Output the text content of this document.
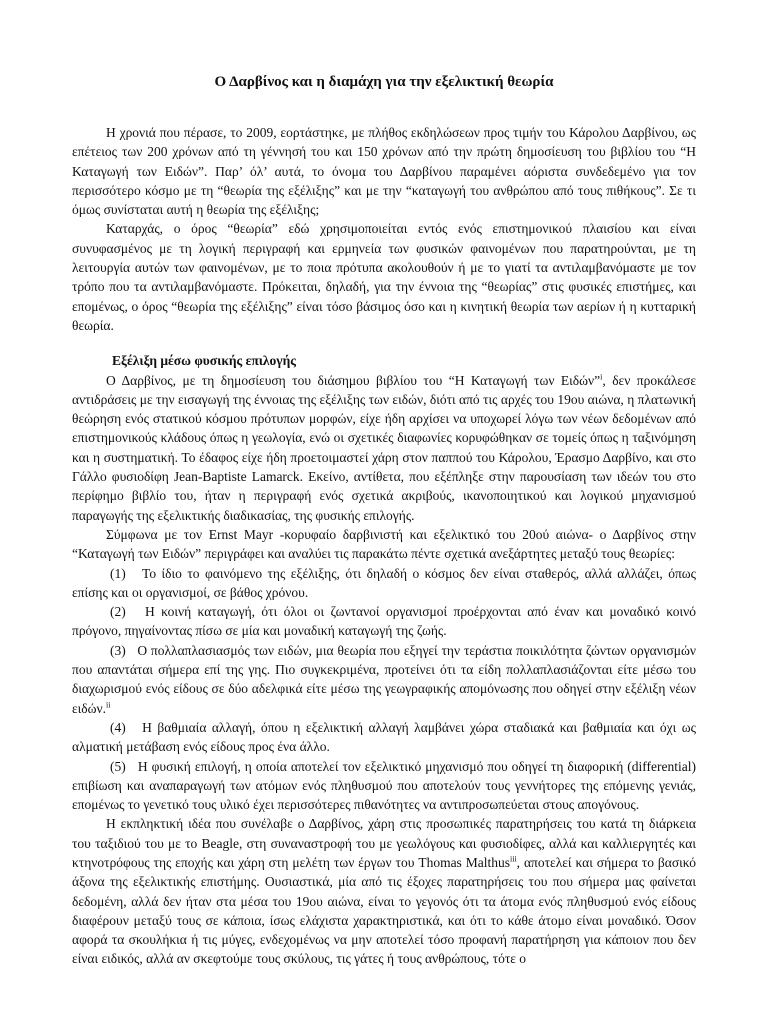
Ο Δαρβίνος και η διαμάχη για την εξελικτική θεωρία

Η χρονιά που πέρασε, το 2009, εορτάστηκε, με πλήθος εκδηλώσεων προς τιμήν του Κάρολου Δαρβίνου, ως επέτειος των 200 χρόνων από τη γέννησή του και 150 χρόνων από την πρώτη δημοσίευση του βιβλίου του “Η Καταγωγή των Ειδών”. Παρ’ όλ’ αυτά, το όνομα του Δαρβίνου παραμένει αόριστα συνδεδεμένο για τον περισσότερο κόσμο με τη “θεωρία της εξέλιξης” και με την “καταγωγή του ανθρώπου από τους πιθήκους”. Σε τι όμως συνίσταται αυτή η θεωρία της εξέλιξης;

Καταρχάς, ο όρος “θεωρία” εδώ χρησιμοποιείται εντός ενός επιστημονικού πλαισίου και είναι συνυφασμένος με τη λογική περιγραφή και ερμηνεία των φυσικών φαινομένων που παρατηρούνται, με τη λειτουργία αυτών των φαινομένων, με το ποια πρότυπα ακολουθούν ή με το γιατί τα αντιλαμβανόμαστε με τον τρόπο που τα αντιλαμβανόμαστε. Πρόκειται, δηλαδή, για την έννοια της “θεωρίας” στις φυσικές επιστήμες, και επομένως, ο όρος “θεωρία της εξέλιξης” είναι τόσο βάσιμος όσο και η κινητική θεωρία των αερίων ή η κυτταρική θεωρία.

Εξέλιξη μέσω φυσικής επιλογής

Ο Δαρβίνος, με τη δημοσίευση του διάσημου βιβλίου του “Η Καταγωγή των Ειδών”$^i$, δεν προκάλεσε αντιδράσεις με την εισαγωγή της έννοιας της εξέλιξης των ειδών, διότι από τις αρχές του 19ου αιώνα, η πλατωνική θεώρηση ενός στατικού κόσμου πρότυπων μορφών, είχε ήδη αρχίσει να υποχωρεί λόγω των νέων δεδομένων από επιστημονικούς κλάδους όπως η γεωλογία, ενώ οι σχετικές διαφωνίες κορυφώθηκαν σε τομείς όπως η ταξινόμηση και η συστηματική. Το έδαφος είχε ήδη προετοιμαστεί χάρη στον παππού του Κάρολου, Έρασμο Δαρβίνο, και στο Γάλλο φυσιοδίφη Jean-Baptiste Lamarck. Εκείνο, αντίθετα, που εξέπληξε στην παρουσίαση των ιδεών του στο περίφημο βιβλίο του, ήταν η περιγραφή ενός σχετικά ακριβούς, ικανοποιητικού και λογικού μηχανισμού παραγωγής της εξελικτικής διαδικασίας, της φυσικής επιλογής.

Σύμφωνα με τον Ernst Mayr -κορυφαίο δαρβινιστή και εξελικτικό του 20ού αιώνα- ο Δαρβίνος στην “Καταγωγή των Ειδών” περιγράφει και αναλύει τις παρακάτω πέντε σχετικά ανεξάρτητες μεταξύ τους θεωρίες:

(1) Το ίδιο το φαινόμενο της εξέλιξης, ότι δηλαδή ο κόσμος δεν είναι σταθερός, αλλά αλλάζει, όπως επίσης και οι οργανισμοί, σε βάθος χρόνου.

(2) Η κοινή καταγωγή, ότι όλοι οι ζωντανοί οργανισμοί προέρχονται από έναν και μοναδικό κοινό πρόγονο, πηγαίνοντας πίσω σε μία και μοναδική καταγωγή της ζωής.

(3) Ο πολλαπλασιασμός των ειδών, μια θεωρία που εξηγεί την τεράστια ποικιλότητα ζώντων οργανισμών που απαντάται σήμερα επί της γης. Πιο συγκεκριμένα, προτείνει ότι τα είδη πολλαπλασιάζονται είτε μέσω του διαχωρισμού ενός είδους σε δύο αδελφικά είτε μέσω της γεωγραφικής απομόνωσης που οδηγεί στην εξέλιξη νέων ειδών.$^{ii}$

(4) Η βαθμιαία αλλαγή, όπου η εξελικτική αλλαγή λαμβάνει χώρα σταδιακά και βαθμιαία και όχι ως αλματική μετάβαση ενός είδους προς ένα άλλο.

(5) Η φυσική επιλογή, η οποία αποτελεί τον εξελικτικό μηχανισμό που οδηγεί τη διαφορική (differential) επιβίωση και αναπαραγωγή των ατόμων ενός πληθυσμού που αποτελούν τους γεννήτορες της επόμενης γενιάς, επομένως το γενετικό τους υλικό έχει περισσότερες πιθανότητες να αντιπροσωπεύεται στους απογόνους.

Η εκπληκτική ιδέα που συνέλαβε ο Δαρβίνος, χάρη στις προσωπικές παρατηρήσεις του κατά τη διάρκεια του ταξιδιού του με το Beagle, στη συναναστροφή του με γεωλόγους και φυσιοδίφες, αλλά και καλλιεργητές και κτηνοτρόφους της εποχής και χάρη στη μελέτη των έργων του Thomas Malthus$^{iii}$, αποτελεί και σήμερα το βασικό άξονα της εξελικτικής επιστήμης. Ουσιαστικά, μία από τις έξοχες παρατηρήσεις του που σήμερα μας φαίνεται δεδομένη, αλλά δεν ήταν στα μέσα του 19ου αιώνα, είναι το γεγονός ότι τα άτομα ενός πληθυσμού ενός είδους διαφέρουν μεταξύ τους σε κάποια, ίσως ελάχιστα χαρακτηριστικά, και ότι το κάθε άτομο είναι μοναδικό. Όσον αφορά τα σκουλήκια ή τις μύγες, ενδεχομένως να μην αποτελεί τόσο προφανή παρατήρηση για κάποιον που δεν είναι ειδικός, αλλά αν σκεφτούμε τους σκύλους, τις γάτες ή τους ανθρώπους, τότε ο
